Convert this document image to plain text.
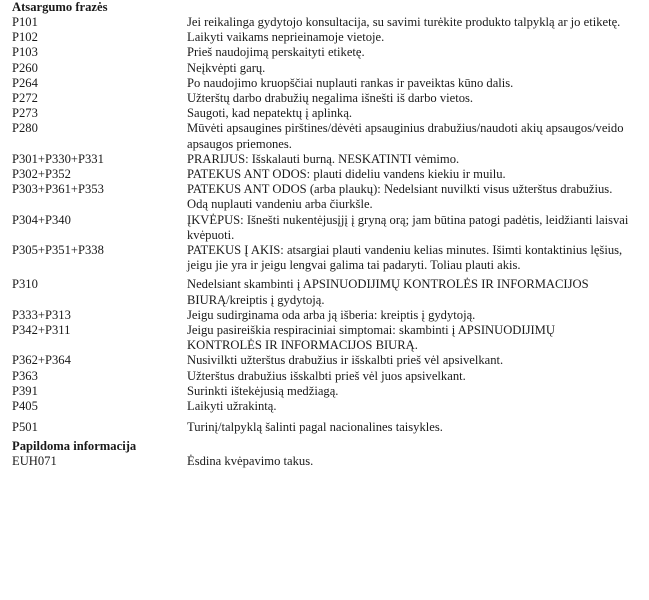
Atsargumo frazės
P101	Jei reikalinga gydytojo konsultacija, su savimi turėkite produkto talpyklą ar jo etiketę.
P102	Laikyti vaikams neprieinamoje vietoje.
P103	Prieš naudojimą perskaityti etiketę.
P260	Neįkvėpti garų.
P264	Po naudojimo kruopščiai nuplauti rankas ir paveiktas kūno dalis.
P272	Užterštų darbo drabužių negalima išnešti iš darbo vietos.
P273	Saugoti, kad nepatektų į aplinką.
P280	Mūvėti apsaugines pirštines/dėvėti apsauginius drabužius/naudoti akių apsaugos/veido apsaugos priemones.
P301+P330+P331	PRARIJUS: Išskalauti burną. NESKATINTI vėmimo.
P302+P352	PATEKUS ANT ODOS: plauti dideliu vandens kiekiu ir muilu.
P303+P361+P353	PATEKUS ANT ODOS (arba plaukų): Nedelsiant nuvilkti visus užterštus drabužius. Odą nuplauti vandeniu arba čiurkšle.
P304+P340	ĮKVĖPUS: Išnešti nukentėjusįjį į gryną orą; jam būtina patogi padėtis, leidžianti laisvai kvėpuoti.
P305+P351+P338	PATEKUS Į AKIS: atsargiai plauti vandeniu kelias minutes. Išimti kontaktinius lęšius, jeigu jie yra ir jeigu lengvai galima tai padaryti. Toliau plauti akis.
P310	Nedelsiant skambinti į APSINUODIJIMŲ KONTROLĖS IR INFORMACIJOS BIURĄ/kreiptis į gydytoją.
P333+P313	Jeigu sudirginama oda arba ją išberia: kreiptis į gydytoją.
P342+P311	Jeigu pasireiškia respiraciniai simptomai: skambinti į APSINUODIJIMŲ KONTROLĖS IR INFORMACIJOS BIURĄ.
P362+P364	Nusivilkti užterštus drabužius ir išskalbti prieš vėl apsivelkant.
P363	Užterštus drabužius išskalbti prieš vėl juos apsivelkant.
P391	Surinkti ištekėjusią medžiagą.
P405	Laikyti užrakintą.
P501	Turinį/talpyklą šalinti pagal nacionalines taisykles.
Papildoma informacija
EUH071	Ėsdina kvėpavimo takus.
